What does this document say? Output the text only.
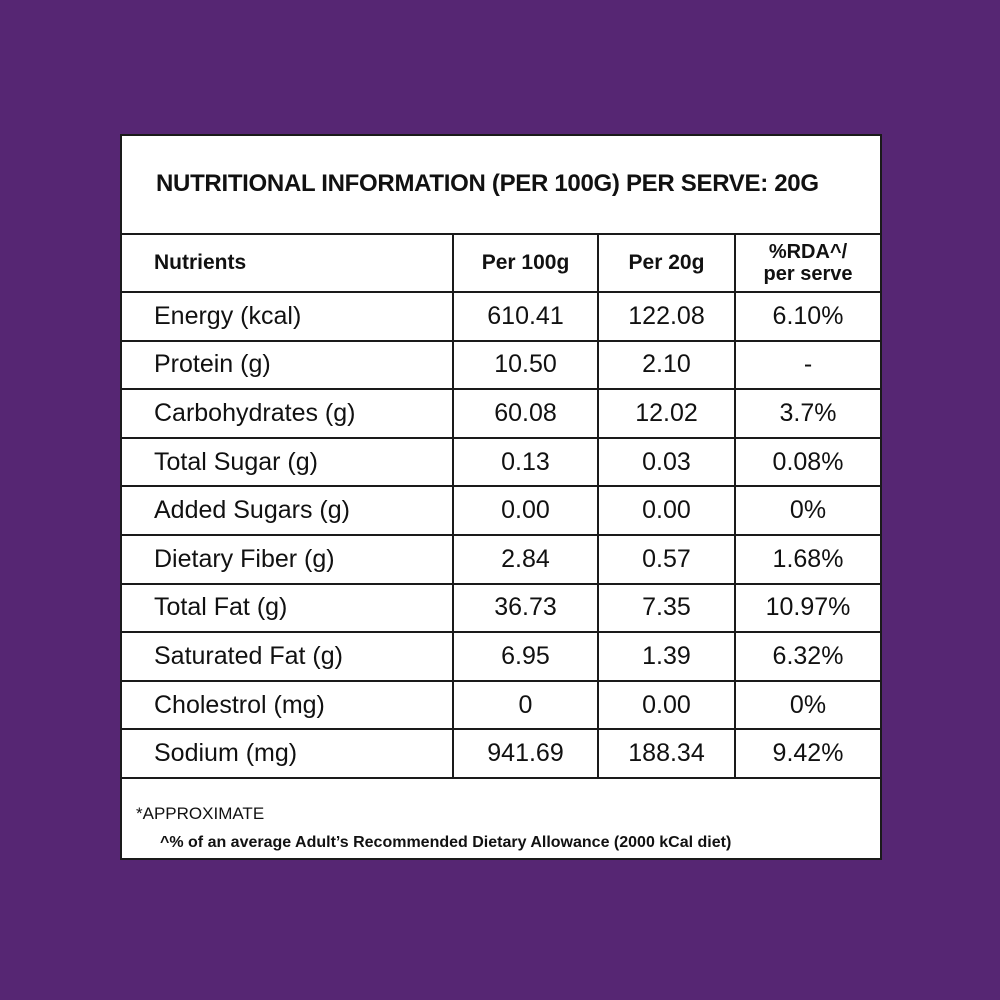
NUTRITIONAL INFORMATION (PER 100G) PER SERVE: 20G
Nutrients	Per 100g	Per 20g	%RDA^/
per serve
Energy (kcal)	610.41	122.08	6.10%
Protein (g)	10.50	2.10	-
Carbohydrates (g)	60.08	12.02	3.7%
Total Sugar (g)	0.13	0.03	0.08%
Added Sugars (g)	0.00	0.00	0%
Dietary Fiber (g)	2.84	0.57	1.68%
Total Fat (g)	36.73	7.35	10.97%
Saturated Fat (g)	6.95	1.39	6.32%
Cholestrol (mg)	0	0.00	0%
Sodium (mg)	941.69	188.34	9.42%
*APPROXIMATE
^% of an average Adult’s Recommended Dietary Allowance (2000 kCal diet)
